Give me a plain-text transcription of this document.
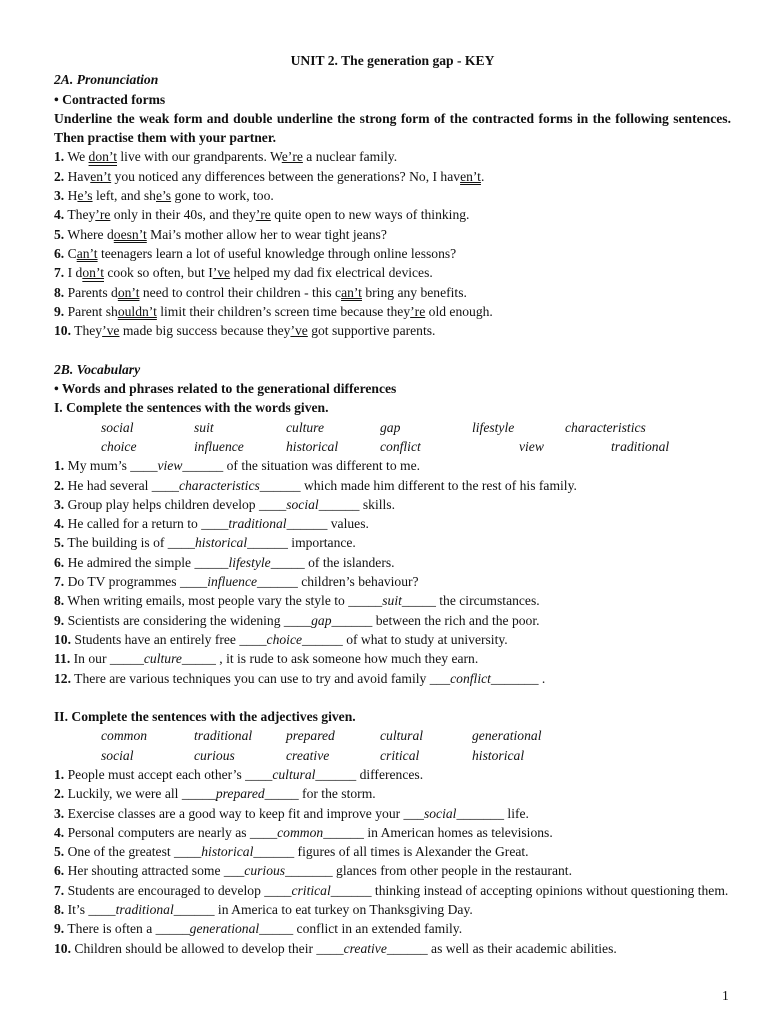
UNIT 2. The generation gap - KEY
2A. Pronunciation
• Contracted forms
Underline the weak form and double underline the strong form of the contracted forms in the following sentences. Then practise them with your partner.
1. We don’t live with our grandparents. We’re a nuclear family.
2. Haven’t you noticed any differences between the generations? No, I haven’t.
3. He’s left, and she’s gone to work, too.
4. They’re only in their 40s, and they’re quite open to new ways of thinking.
5. Where doesn’t Mai’s mother allow her to wear tight jeans?
6. Can’t teenagers learn a lot of useful knowledge through online lessons?
7. I don’t cook so often, but I’ve helped my dad fix electrical devices.
8. Parents don’t need to control their children - this can’t bring any benefits.
9. Parent shouldn’t limit their children’s screen time because they’re old enough.
10. They’ve made big success because they’ve got supportive parents.
2B. Vocabulary
• Words and phrases related to the generational differences
I. Complete the sentences with the words given.
social	suit	culture	gap	lifestyle	characteristics
choice	influence	historical	conflict	view	traditional
1. My mum’s ____view______ of the situation was different to me.
2. He had several ____characteristics______ which made him different to the rest of his family.
3. Group play helps children develop ____social______ skills.
4. He called for a return to ____traditional______ values.
5. The building is of ____historical______ importance.
6. He admired the simple _____lifestyle_____ of the islanders.
7. Do TV programmes ____influence______ children’s behaviour?
8. When writing emails, most people vary the style to _____suit_____ the circumstances.
9. Scientists are considering the widening ____gap______ between the rich and the poor.
10. Students have an entirely free ____choice______ of what to study at university.
11. In our _____culture_____ , it is rude to ask someone how much they earn.
12. There are various techniques you can use to try and avoid family ___conflict_______ .
II. Complete the sentences with the adjectives given.
common	traditional prepared	cultural	generational
social	curious	creative	critical	historical
1. People must accept each other’s ____cultural______ differences.
2. Luckily, we were all _____prepared_____ for the storm.
3. Exercise classes are a good way to keep fit and improve your ___social_______ life.
4. Personal computers are nearly as ____common______ in American homes as televisions.
5. One of the greatest ____historical______ figures of all times is Alexander the Great.
6. Her shouting attracted some ___curious_______ glances from other people in the restaurant.
7. Students are encouraged to develop ____critical______ thinking instead of accepting opinions without questioning them.
8. It’s ____traditional______ in America to eat turkey on Thanksgiving Day.
9. There is often a _____generational_____ conflict in an extended family.
10. Children should be allowed to develop their ____creative______ as well as their academic abilities.
1
